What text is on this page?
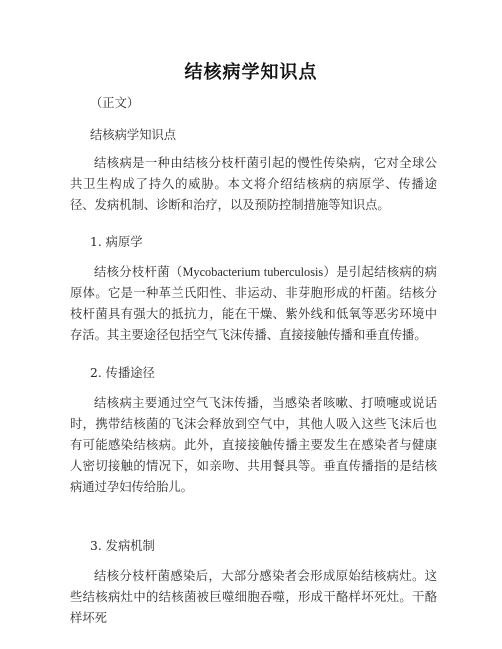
结核病学知识点

（正文）

结核病学知识点

结核病是一种由结核分枝杆菌引起的慢性传染病，它对全球公共卫生构成了持久的威胁。本文将介绍结核病的病原学、传播途径、发病机制、诊断和治疗，以及预防控制措施等知识点。

1. 病原学

结核分枝杆菌（Mycobacterium tuberculosis）是引起结核病的病原体。它是一种革兰氏阳性、非运动、非芽胞形成的杆菌。结核分枝杆菌具有强大的抵抗力，能在干燥、紫外线和低氧等恶劣环境中存活。其主要途径包括空气飞沫传播、直接接触传播和垂直传播。

2. 传播途径

结核病主要通过空气飞沫传播，当感染者咳嗽、打喷嚏或说话时，携带结核菌的飞沫会释放到空气中，其他人吸入这些飞沫后也有可能感染结核病。此外，直接接触传播主要发生在感染者与健康人密切接触的情况下，如亲吻、共用餐具等。垂直传播指的是结核病通过孕妇传给胎儿。

3. 发病机制

结核分枝杆菌感染后，大部分感染者会形成原始结核病灶。这些结核病灶中的结核菌被巨噬细胞吞噬，形成干酪样坏死灶。干酪样坏死
